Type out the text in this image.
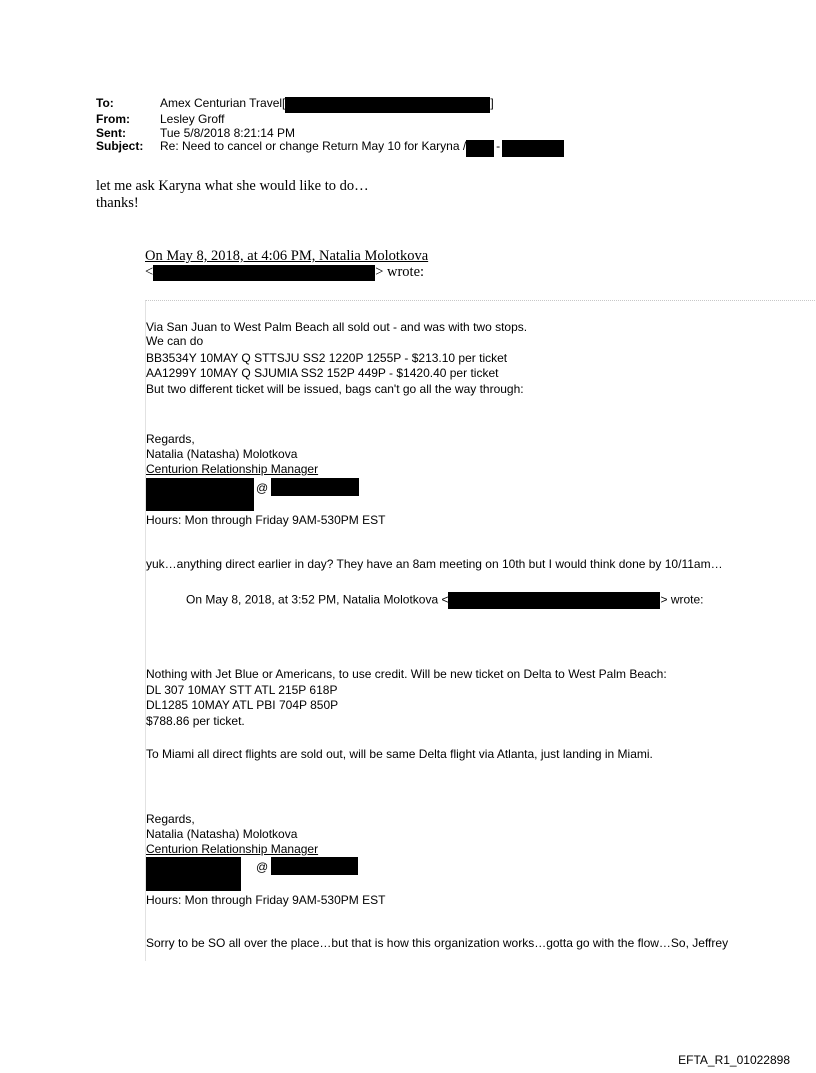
To:	Amex Centurian Travel[	]
From:	Lesley Groff
Sent:	Tue 5/8/2018 8:21:14 PM
Subject:	Re: Need to cancel or change Return May 10 for Karyna /	-
let me ask Karyna what she would like to do…
thanks!
On May 8, 2018, at 4:06 PM, Natalia Molotkova
<	> wrote:
Via San Juan to West Palm Beach all sold out - and was with two stops.
We can do
BB3534Y 10MAY Q STTSJU SS2 1220P 1255P - $213.10 per ticket
AA1299Y 10MAY Q SJUMIA SS2 152P 449P - $1420.40 per ticket
But two different ticket will be issued, bags can't go all the way through:
Regards,
Natalia (Natasha) Molotkova
Centurion Relationship Manager
@
Hours: Mon through Friday 9AM-530PM EST
yuk…anything direct earlier in day? They have an 8am meeting on 10th but I would think done by 10/11am…
On May 8, 2018, at 3:52 PM, Natalia Molotkova <	> wrote:
Nothing with Jet Blue or Americans, to use credit. Will be new ticket on Delta to West Palm Beach:
DL 307 10MAY STT ATL 215P 618P
DL1285 10MAY ATL PBI 704P 850P
$788.86 per ticket.
To Miami all direct flights are sold out, will be same Delta flight via Atlanta, just landing in Miami.
Regards,
Natalia (Natasha) Molotkova
Centurion Relationship Manager
@
Hours: Mon through Friday 9AM-530PM EST
Sorry to be SO all over the place…but that is how this organization works…gotta go with the flow…So, Jeffrey
EFTA_R1_01022898
